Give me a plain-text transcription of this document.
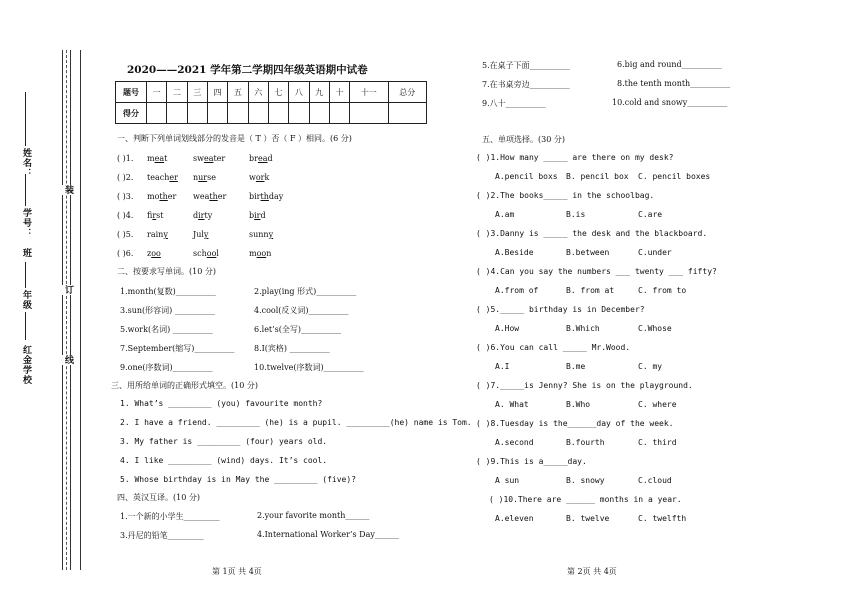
装
订
线
姓名：
学号：
班
年级
红金学校
2020——2021 学年第二学期四年级英语期中试卷
题号	一	二	三	四	五	六	七	八	九	十	十一	总分
得分												
一、判断下列单词划线部分的发音是（ T ）否（ F ）相同。(6 分)
( )1. meat	sweater	bread
( )2. teacher nurse	work
( )3. mother weather	birthday
( )4. first	dirty	bird
( )5. rainy	July	sunny
( )6. zoo	school	moon
二、按要求写单词。(10 分)
1.month(复数)__________	2.play(ing 形式)__________
3.sun(形容词) __________	4.cool(反义词)__________
5.work(名词) __________	6.let’s(全写)__________
7.September(缩写)__________ 8.I(宾格) __________
9.one(序数词)__________	10.twelve(序数词)__________
三、用所给单词的正确形式填空。(10 分)
1. What’s _________ (you) favourite month?
2. I have a friend. _________ (he) is a pupil. _________(he) name is Tom.
3. My father is _________ (four) years old.
4. I like _________ (wind) days. It’s cool.
5. Whose birthday is in May the _________ (five)?
四、英汉互译。(10 分)
1.一个新的小学生_________	2.your favorite month______
3.丹尼的铅笔_________	4.International Worker’s Day______
第 1页 共 4页
5.在桌子下面__________	6.big and round__________
7.在书桌旁边__________	8.the tenth month__________
9.八十__________	10.cold and snowy__________
五、单项选择。(30 分)
( )1.How many _____ are there on my desk?
A.pencil boxs B. pencil box C. pencil boxes
( )2.The books_____ in the schoolbag.
A.am	B.is	C.are
( )3.Danny is _____ the desk and the blackboard.
A.Beside	B.between	C.under
( )4.Can you say the numbers ___ twenty ___ fifty?
A.from of	B. from at	C. from to
( )5._____ birthday is in December?
A.How	B.Which	C.Whose
( )6.You can call _____ Mr.Wood.
A.I	B.me	C. my
( )7._____is Jenny? She is on the playground.
A. What	B.Who	C. where
( )8.Tuesday is the______day of the week.
A.second	B.fourth	C. third
( )9.This is a_____day.
A sun	B. snowy	C.cloud
( )10.There are ______ months in a year.
A.eleven	B. twelve	C. twelfth
第 2页 共 4页
